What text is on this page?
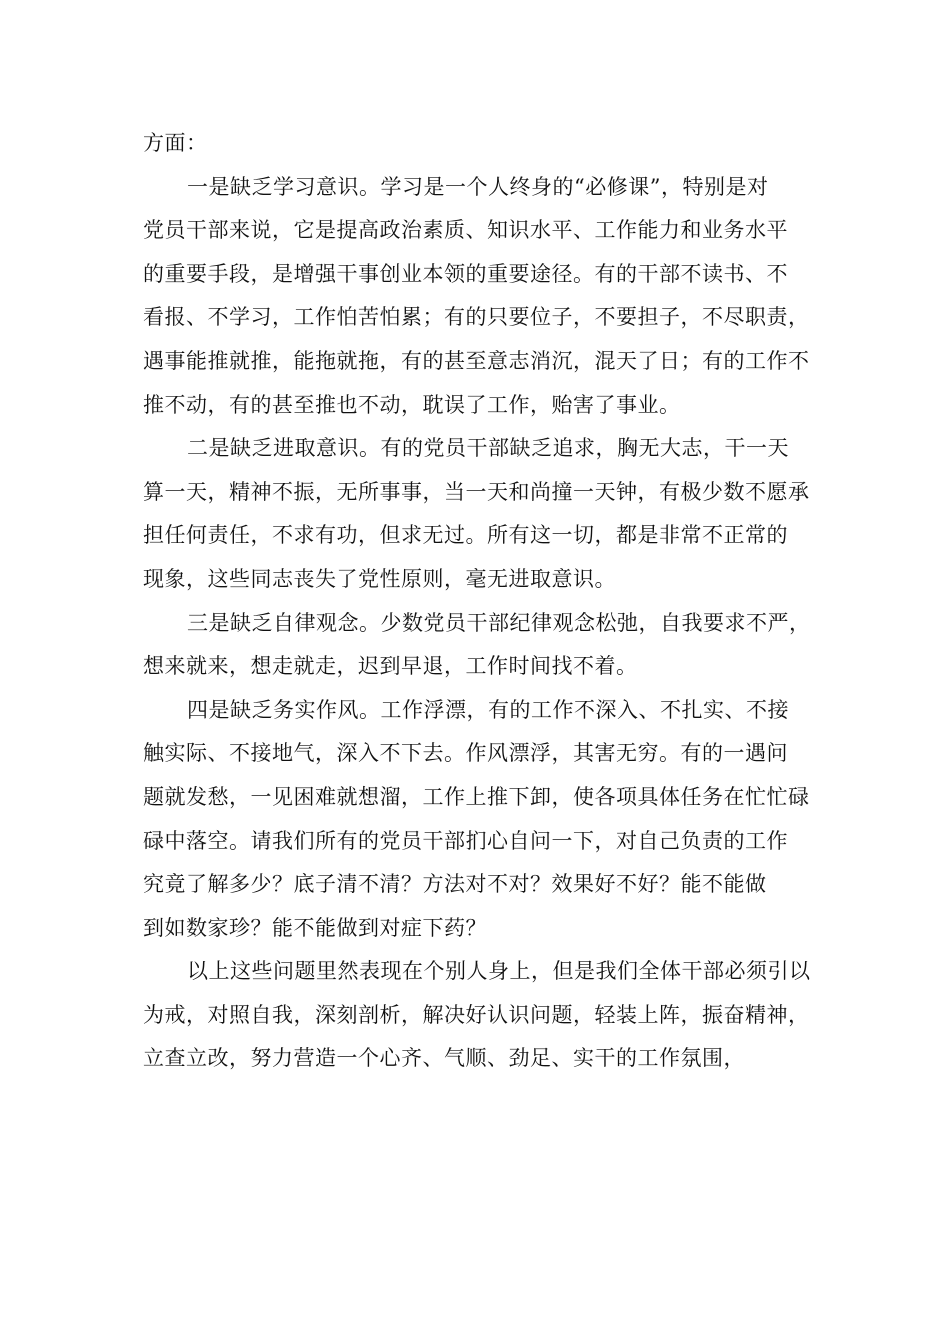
方面：
一是缺乏学习意识。学习是一个人终身的“必修课”，特别是对
党员干部来说，它是提高政治素质、知识水平、工作能力和业务水平
的重要手段，是增强干事创业本领的重要途径。有的干部不读书、不
看报、不学习，工作怕苦怕累；有的只要位子，不要担子，不尽职责，
遇事能推就推，能拖就拖，有的甚至意志消沉，混天了日；有的工作不
推不动，有的甚至推也不动，耽误了工作，贻害了事业。
二是缺乏进取意识。有的党员干部缺乏追求，胸无大志，干一天
算一天，精神不振，无所事事，当一天和尚撞一天钟，有极少数不愿承
担任何责任，不求有功，但求无过。所有这一切，都是非常不正常的
现象，这些同志丧失了党性原则，毫无进取意识。
三是缺乏自律观念。少数党员干部纪律观念松弛，自我要求不严，
想来就来，想走就走，迟到早退，工作时间找不着。
四是缺乏务实作风。工作浮漂，有的工作不深入、不扎实、不接
触实际、不接地气，深入不下去。作风漂浮，其害无穷。有的一遇问
题就发愁，一见困难就想溜，工作上推下卸，使各项具体任务在忙忙碌
碌中落空。请我们所有的党员干部扪心自问一下，对自己负责的工作
究竟了解多少？底子清不清？方法对不对？效果好不好？能不能做
到如数家珍？能不能做到对症下药？
以上这些问题里然表现在个别人身上，但是我们全体干部必须引以
为戒，对照自我，深刻剖析，解决好认识问题，轻装上阵，振奋精神，
立查立改，努力营造一个心齐、气顺、劲足、实干的工作氛围，
